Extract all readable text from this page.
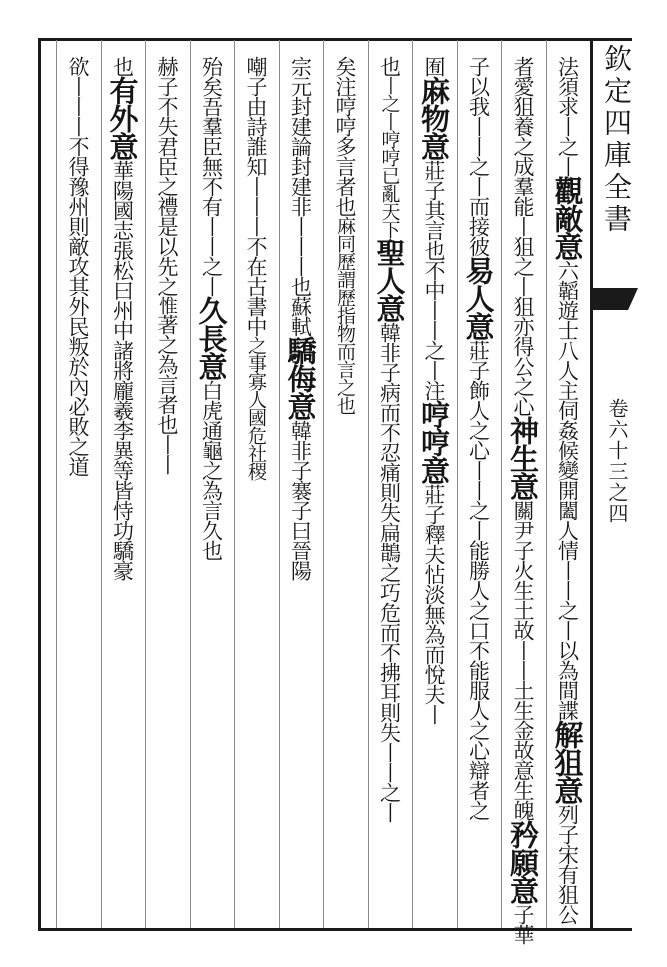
欽定四庫全書
卷六十三之四
法須求丨之丨觀敵意六韜遊士八人主伺姦候變開闔人情丨丨之丨以為間諜解狙意列子宋有狙公
者愛狙養之成羣能丨狙之丨狙亦得公之心神生意關尹子火生土故丨丨土生金故意生魄矜願意子華
子以我丨丨之丨而接彼易人意莊子飾人之心丨丨之丨能勝人之口不能服人之心辯者之
囿麻物意莊子其言也不中丨丨之丨注哼哼意莊子釋夫怗淡無為而悅夫丨
也丨之丨哼哼已亂天下聖人意韓非子病而不忍痛則失扁鵲之巧危而不拂耳則失丨丨之丨
矣注哼哼多言者也麻同歷謂歷指物而言之也
宗元封建論封建非丨丨丨也蘇軾驕侮意韓非子褰子曰晉陽
嘲子由詩誰知丨丨丨不在古書中之事寡人國危社稷
殆矣吾羣臣無不有丨丨之丨久長意白虎通龜之為言久也
赫子不失君臣之禮是以先之惟著之為言者也丨丨
也有外意華陽國志張松曰州中諸將龐羲李異等皆恃功驕豪
欲丨丨丨不得豫州則敵攻其外民叛於內必敗之道
